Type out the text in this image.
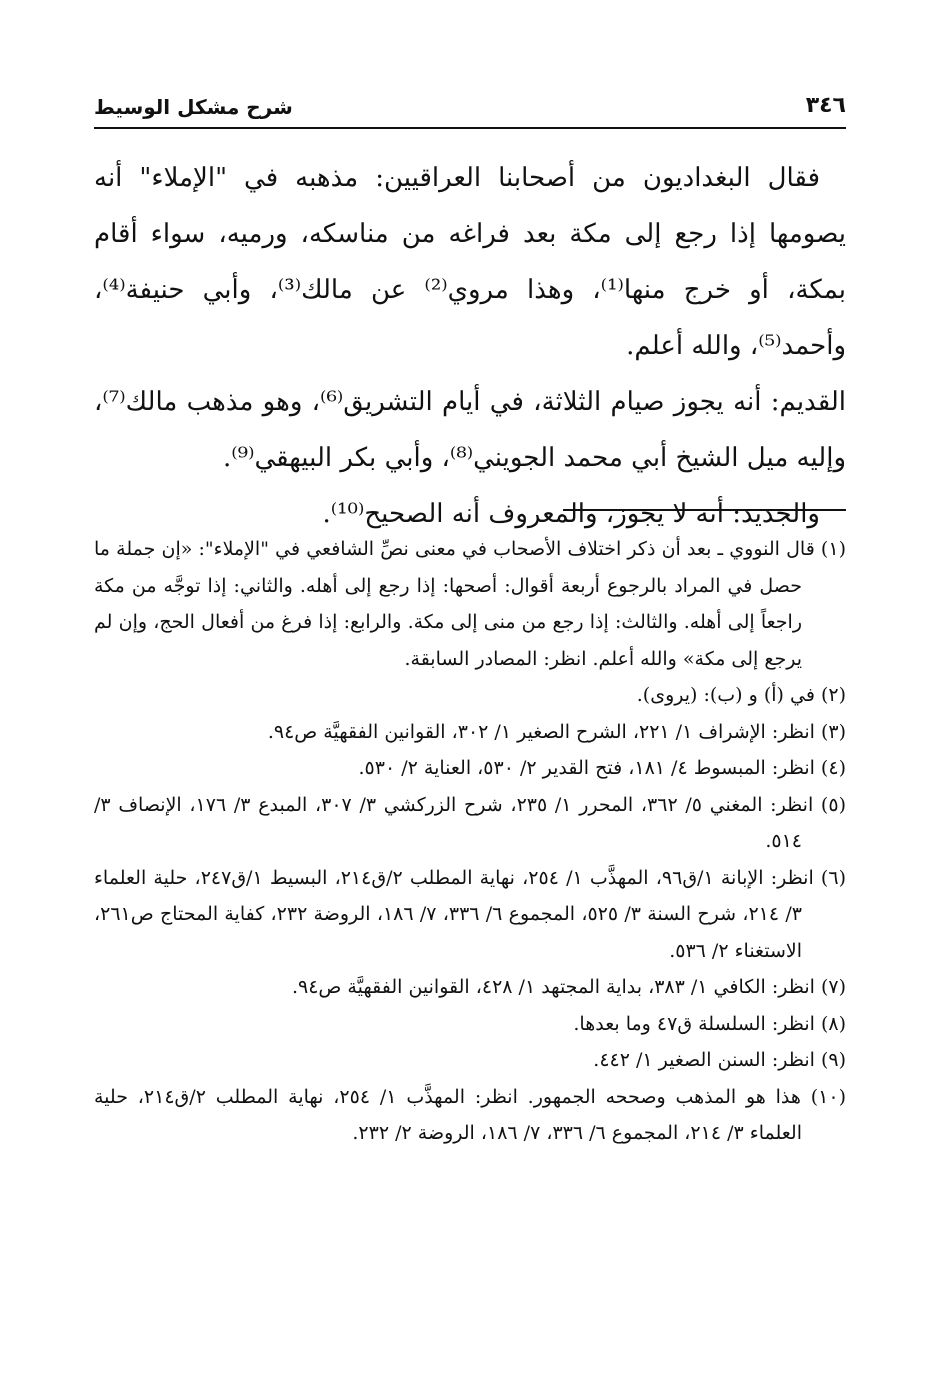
شرح مشكل الوسيط	٣٤٦

فقال البغداديون من أصحابنا العراقيين: مذهبه في "الإملاء" أنه يصومها إذا رجع إلى مكة بعد فراغه من مناسكه، ورميه، سواء أقام بمكة، أو خرج منها⁽¹⁾، وهذا مروي⁽²⁾ عن مالك⁽³⁾، وأبي حنيفة⁽⁴⁾، وأحمد⁽⁵⁾، والله أعلم.

القديم: أنه يجوز صيام الثلاثة، في أيام التشريق⁽⁶⁾، وهو مذهب مالك⁽⁷⁾، وإليه ميل الشيخ أبي محمد الجويني⁽⁸⁾، وأبي بكر البيهقي⁽⁹⁾.

والجديد: أنه لا يجوز، والمعروف أنه الصحيح⁽¹⁰⁾.

(١) قال النووي ـ بعد أن ذكر اختلاف الأصحاب في معنى نصِّ الشافعي في "الإملاء": «إن جملة ما حصل في المراد بالرجوع أربعة أقوال: أصحها: إذا رجع إلى أهله. والثاني: إذا توجَّه من مكة راجعاً إلى أهله. والثالث: إذا رجع من منى إلى مكة. والرابع: إذا فرغ من أفعال الحج، وإن لم يرجع إلى مكة» والله أعلم. انظر: المصادر السابقة.

(٢) في (أ) و (ب): (يروى).

(٣) انظر: الإشراف ١/ ٢٢١، الشرح الصغير ١/ ٣٠٢، القوانين الفقهيَّة ص٩٤.

(٤) انظر: المبسوط ٤/ ١٨١، فتح القدير ٢/ ٥٣٠، العناية ٢/ ٥٣٠.

(٥) انظر: المغني ٥/ ٣٦٢، المحرر ١/ ٢٣٥، شرح الزركشي ٣/ ٣٠٧، المبدع ٣/ ١٧٦، الإنصاف ٣/ ٥١٤.

(٦) انظر: الإبانة ١/ق٩٦، المهذَّب ١/ ٢٥٤، نهاية المطلب ٢/ق٢١٤، البسيط ١/ق٢٤٧، حلية العلماء ٣/ ٢١٤، شرح السنة ٣/ ٥٢٥، المجموع ٦/ ٣٣٦، ٧/ ١٨٦، الروضة ٢٣٢، كفاية المحتاج ص٢٦١، الاستغناء ٢/ ٥٣٦.

(٧) انظر: الكافي ١/ ٣٨٣، بداية المجتهد ١/ ٤٢٨، القوانين الفقهيَّة ص٩٤.

(٨) انظر: السلسلة ق٤٧ وما بعدها.

(٩) انظر: السنن الصغير ١/ ٤٤٢.

(١٠) هذا هو المذهب وصححه الجمهور. انظر: المهذَّب ١/ ٢٥٤، نهاية المطلب ٢/ق٢١٤، حلية العلماء ٣/ ٢١٤، المجموع ٦/ ٣٣٦، ٧/ ١٨٦، الروضة ٢/ ٢٣٢.
